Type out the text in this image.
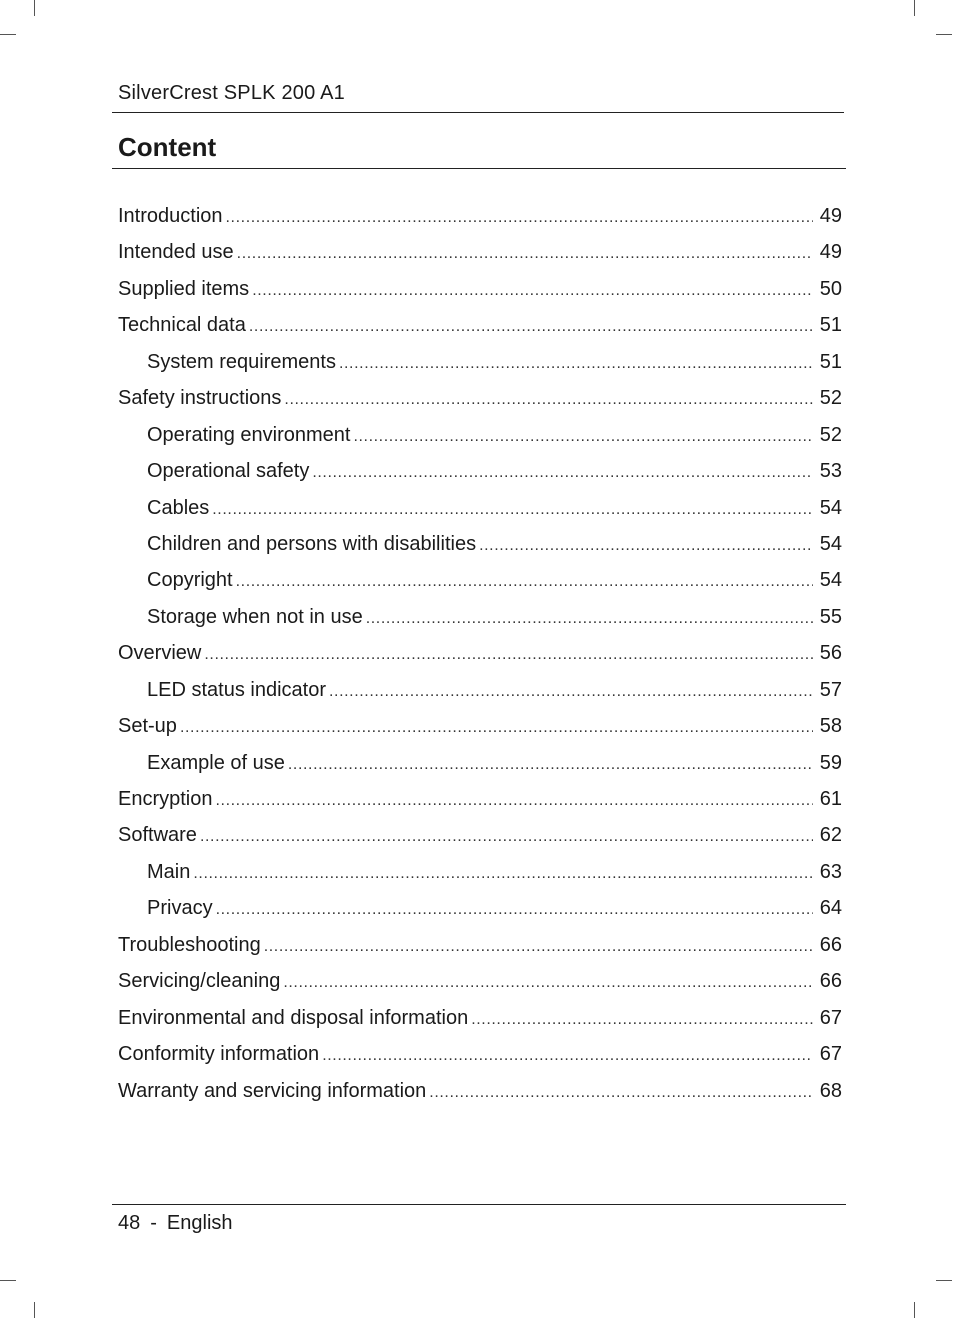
SilverCrest SPLK 200 A1
Content
Introduction .....	49
Intended use .....	49
Supplied items .....	50
Technical data .....	51
System requirements .....	51
Safety instructions .....	52
Operating environment .....	52
Operational safety .....	53
Cables .....	54
Children and persons with disabilities .....	54
Copyright .....	54
Storage when not in use .....	55
Overview .....	56
LED status indicator .....	57
Set-up .....	58
Example of use .....	59
Encryption .....	61
Software .....	62
Main .....	63
Privacy .....	64
Troubleshooting .....	66
Servicing/cleaning .....	66
Environmental and disposal information .....	67
Conformity information .....	67
Warranty and servicing information .....	68
48 - English
